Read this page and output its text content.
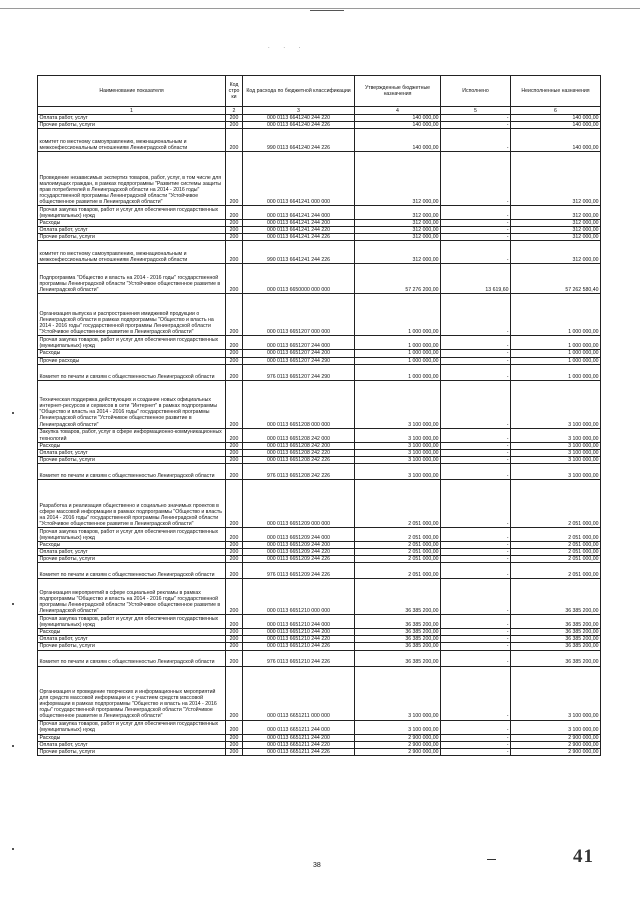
. . .
Наименование показателя	Код стро ки	Код расхода по бюджетной классификации	Утвержденные бюджетные назначения	Исполнено	Неисполненные назначения
1	2	3	4	5	6
Оплата работ, услуг	200	000 0113 6641240 244 220	140 000,00	-	140 000,00
Прочие работы, услуги	200	000 0113 6641240 244 226	140 000,00	-	140 000,00
комитет по местному самоуправлению, межнациональным и межконфессиональным отношениям Ленинградской области	200	990 0113 6641240 244 226	140 000,00	-	140 000,00
Проведение независимых экспертиз товаров, работ, услуг, в том числе для малоимущих граждан, в рамках подпрограммы "Развитие системы защиты прав потребителей в Ленинградской области на 2014 - 2016 годы" государственной программы Ленинградской области "Устойчивое общественное развитие в Ленинградской области"	200	000 0113 6641241 000 000	312 000,00	-	312 000,00
Прочая закупка товаров, работ и услуг для обеспечения государственных (муниципальных) нужд	200	000 0113 6641241 244 000	312 000,00	-	312 000,00
Расходы	200	000 0113 6641241 244 200	312 000,00	-	312 000,00
Оплата работ, услуг	200	000 0113 6641241 244 220	312 000,00	-	312 000,00
Прочие работы, услуги	200	000 0113 6641241 244 226	312 000,00	-	312 000,00
комитет по местному самоуправлению, межнациональным и межконфессиональным отношениям Ленинградской области	200	990 0113 6641241 244 226	312 000,00	-	312 000,00
Подпрограмма "Общество и власть на 2014 - 2016 годы" государственной программы Ленинградской области "Устойчивое общественное развитие в Ленинградской области"	200	000 0113 6650000 000 000	57 276 200,00	13 619,60	57 262 580,40
Организация выпуска и распространения имиджевой продукции о Ленинградской области в рамках подпрограммы "Общество и власть на 2014 - 2016 годы" государственной программы Ленинградской области "Устойчивое общественное развитие в Ленинградской области"	200	000 0113 6651207 000 000	1 000 000,00	-	1 000 000,00
Прочая закупка товаров, работ и услуг для обеспечения государственных (муниципальных) нужд	200	000 0113 6651207 244 000	1 000 000,00	-	1 000 000,00
Расходы	200	000 0113 6651207 244 200	1 000 000,00	-	1 000 000,00
Прочие расходы	200	000 0113 6651207 244 290	1 000 000,00	-	1 000 000,00
Комитет по печати и связям с общественностью Ленинградской области	200	976 0113 6651207 244 290	1 000 000,00	-	1 000 000,00
Техническая поддержка действующих и создание новых официальных интернет-ресурсов и сервисов в сети "Интернет" в рамках подпрограммы "Общество и власть на 2014 - 2016 годы" государственной программы Ленинградской области "Устойчивое общественное развитие в Ленинградской области"	200	000 0113 6651208 000 000	3 100 000,00	-	3 100 000,00
Закупка товаров, работ, услуг в сфере информационно-коммуникационных технологий	200	000 0113 6651208 242 000	3 100 000,00	-	3 100 000,00
Расходы	200	000 0113 6651208 242 200	3 100 000,00	-	3 100 000,00
Оплата работ, услуг	200	000 0113 6651208 242 220	3 100 000,00	-	3 100 000,00
Прочие работы, услуги	200	000 0113 6651208 242 226	3 100 000,00	-	3 100 000,00
Комитет по печати и связям с общественностью Ленинградской области	200	976 0113 6651208 242 226	3 100 000,00	-	3 100 000,00
Разработка и реализация общественно и социально значимых проектов в сфере массовой информации в рамках подпрограммы "Общество и власть на 2014 - 2016 годы" государственной программы Ленинградской области "Устойчивое общественное развитие в Ленинградской области"	200	000 0113 6651209 000 000	2 051 000,00	-	2 051 000,00
Прочая закупка товаров, работ и услуг для обеспечения государственных (муниципальных) нужд	200	000 0113 6651209 244 000	2 051 000,00	-	2 051 000,00
Расходы	200	000 0113 6651209 244 200	2 051 000,00	-	2 051 000,00
Оплата работ, услуг	200	000 0113 6651209 244 220	2 051 000,00	-	2 051 000,00
Прочие работы, услуги	200	000 0113 6651209 244 226	2 051 000,00	-	2 051 000,00
Комитет по печати и связям с общественностью Ленинградской области	200	976 0113 6651209 244 226	2 051 000,00	-	2 051 000,00
Организация мероприятий в сфере социальной рекламы в рамках подпрограммы "Общество и власть на 2014 - 2016 годы" государственной программы Ленинградской области "Устойчивое общественное развитие в Ленинградской области"	200	000 0113 6651210 000 000	36 385 200,00	-	36 385 200,00
Прочая закупка товаров, работ и услуг для обеспечения государственных (муниципальных) нужд	200	000 0113 6651210 244 000	36 385 200,00	-	36 385 200,00
Расходы	200	000 0113 6651210 244 200	36 385 200,00	-	36 385 200,00
Оплата работ, услуг	200	000 0113 6651210 244 220	36 385 200,00	-	36 385 200,00
Прочие работы, услуги	200	000 0113 6651210 244 226	36 385 200,00	-	36 385 200,00
Комитет по печати и связям с общественностью Ленинградской области	200	976 0113 6651210 244 226	36 385 200,00	-	36 385 200,00
Организация и проведение творческих и информационных мероприятий для средств массовой информации и с участием средств массовой информации в рамках подпрограммы "Общество и власть на 2014 - 2016 годы" государственной программы Ленинградской области "Устойчивое общественное развитие в Ленинградской области"	200	000 0113 6651211 000 000	3 100 000,00	-	3 100 000,00
Прочая закупка товаров, работ и услуг для обеспечения государственных (муниципальных) нужд	200	000 0113 6651211 244 000	3 100 000,00	-	3 100 000,00
Расходы	200	000 0113 6651211 244 200	2 900 000,00	-	2 900 000,00
Оплата работ, услуг	200	000 0113 6651211 244 220	2 900 000,00	-	2 900 000,00
Прочие работы, услуги	200	000 0113 6651211 244 226	2 900 000,00	-	2 900 000,00
38	41
